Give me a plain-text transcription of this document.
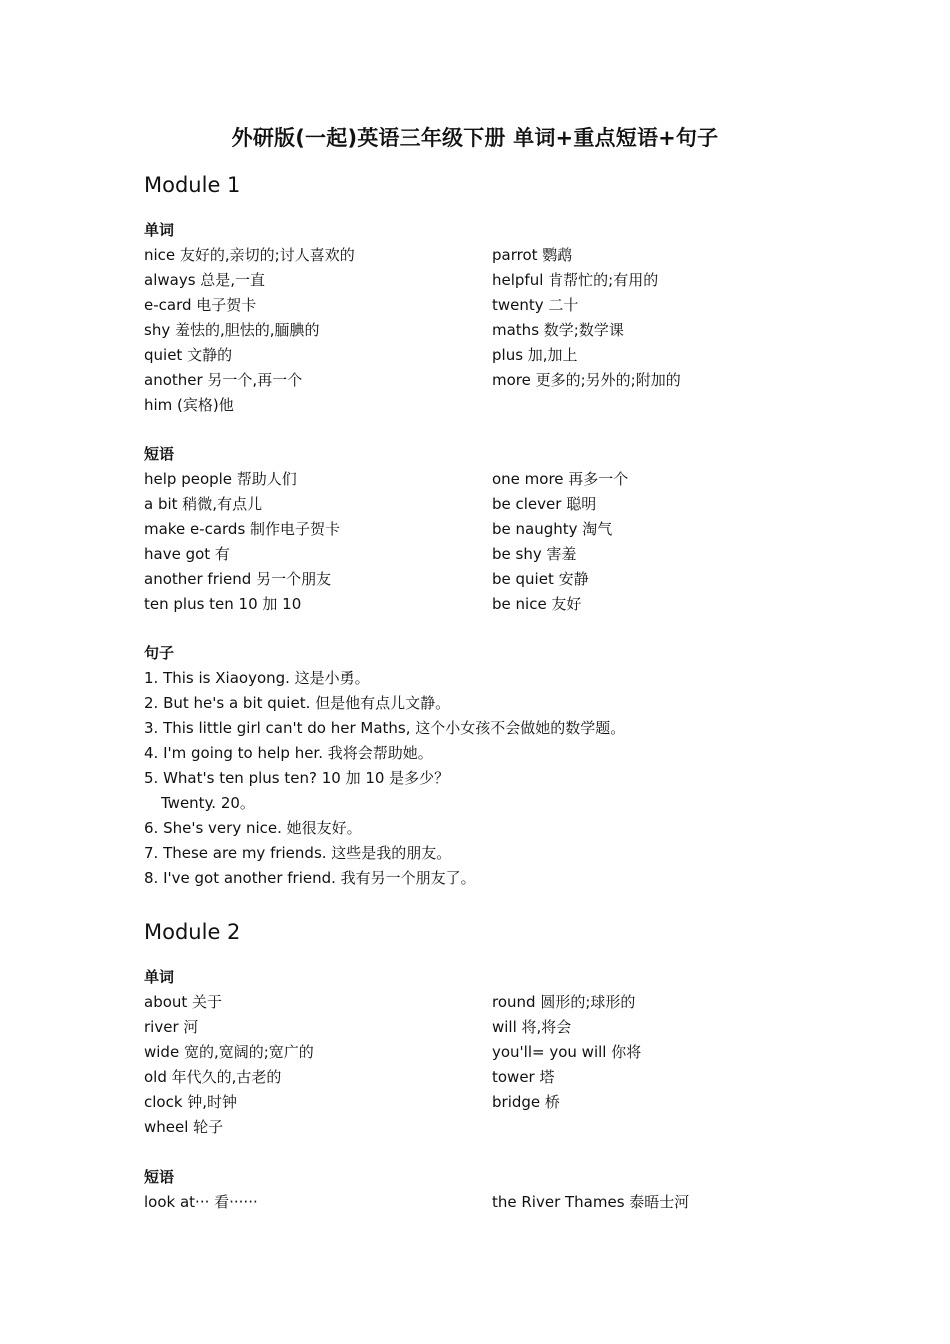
外研版(一起)英语三年级下册 单词+重点短语+句子
Module 1
单词
nice 友好的,亲切的;讨人喜欢的	parrot 鹦鹉
always 总是,一直	helpful 肯帮忙的;有用的
e-card 电子贺卡	twenty 二十
shy 羞怯的,胆怯的,腼腆的	maths 数学;数学课
quiet 文静的	plus 加,加上
another 另一个,再一个	more 更多的;另外的;附加的
him (宾格)他
短语
help people 帮助人们	one more 再多一个
a bit 稍微,有点儿	be clever 聪明
make e-cards 制作电子贺卡	be naughty 淘气
have got 有	be shy 害羞
another friend 另一个朋友	be quiet 安静
ten plus ten 10 加 10	be nice 友好
句子
1. This is Xiaoyong. 这是小勇。
2. But he's a bit quiet. 但是他有点儿文静。
3. This little girl can't do her Maths, 这个小女孩不会做她的数学题。
4. I'm going to help her. 我将会帮助她。
5. What's ten plus ten? 10 加 10 是多少？
Twenty. 20。
6. She's very nice. 她很友好。
7. These are my friends. 这些是我的朋友。
8. I've got another friend. 我有另一个朋友了。
Module 2
单词
about 关于	round 圆形的;球形的
river 河	will 将,将会
wide 宽的,宽阔的;宽广的	you'll= you will 你将
old 年代久的,古老的	tower 塔
clock 钟,时钟	bridge 桥
wheel 轮子
短语
look at··· 看······	the River Thames 泰晤士河
